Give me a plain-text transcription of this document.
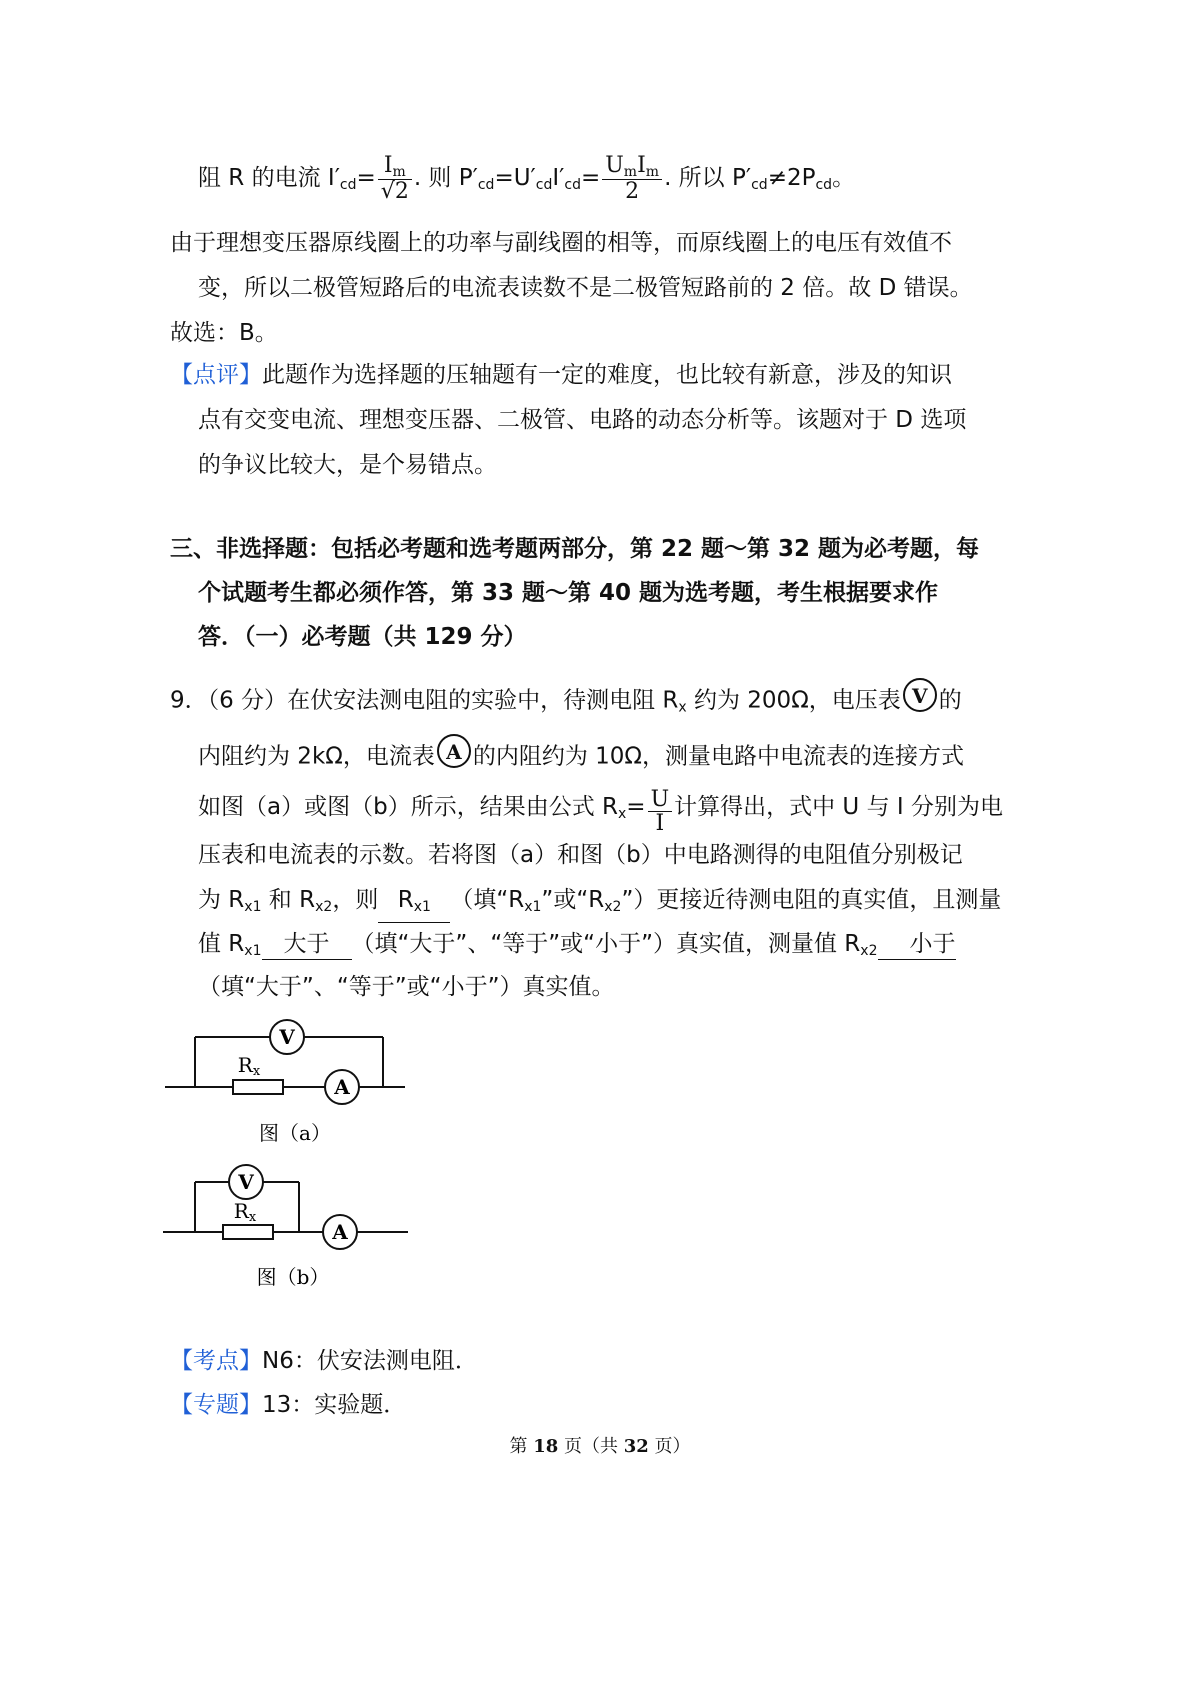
阻 R 的电流 $I'_{cd}= \frac{I_m}{√2}$ . 则 $P'_{cd}=U'_{cd}I'_{cd}= \frac{U_mI_m}{2}$ . 所以 $P'_{cd}\ne 2P_{cd}$。
由于理想变压器原线圈上的功率与副线圈的相等，而原线圈上的电压有效值不
变，所以二极管短路后的电流表读数不是二极管短路前的 2 倍。故 D 错误。
故选：B。
【点评】此题作为选择题的压轴题有一定的难度，也比较有新意，涉及的知识
点有交变电流、理想变压器、二极管、电路的动态分析等。该题对于 D 选项
的争议比较大，是个易错点。
三、非选择题：包括必考题和选考题两部分，第 22 题～第 32 题为必考题，每
个试题考生都必须作答，第 33 题～第 40 题为选考题，考生根据要求作
答．（一）必考题（共 129 分）
9．（6 分）在伏安法测电阻的实验中，待测电阻 $R_x$ 约为 200Ω，电压表 V 的
内阻约为 2kΩ，电流表 A 的内阻约为 10Ω，测量电路中电流表的连接方式
如图（a）或图（b）所示，结果由公式 $R_x= \frac{U}{I}$ 计算得出，式中 U 与 I 分别为电
压表和电流表的示数。若将图（a）和图（b）中电路测得的电阻值分别极记
为 $R_{x1}$ 和 $R_{x2}$，则 $R_{x1}$ （填“$R_{x1}$”或“$R_{x2}$”）更接近待测电阻的真实值，且测量
值 $R_{x1}$ 大于 （填“大于”、“等于”或“小于”）真实值，测量值 $R_{x2}$ 小于
（填“大于”、“等于”或“小于”）真实值。
V
A
Rx
图（a）
V
A
Rx
图（b）
【考点】N6：伏安法测电阻．
【专题】13：实验题．
第 18 页（共 32 页）
